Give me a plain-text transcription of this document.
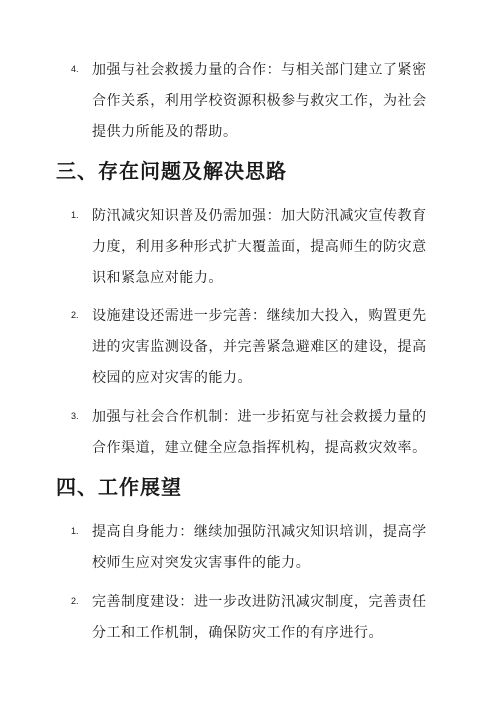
4. 加强与社会救援力量的合作：与相关部门建立了紧密合作关系，利用学校资源积极参与救灾工作，为社会提供力所能及的帮助。
三、存在问题及解决思路
1. 防汛减灾知识普及仍需加强：加大防汛减灾宣传教育力度，利用多种形式扩大覆盖面，提高师生的防灾意识和紧急应对能力。
2. 设施建设还需进一步完善：继续加大投入，购置更先进的灾害监测设备，并完善紧急避难区的建设，提高校园的应对灾害的能力。
3. 加强与社会合作机制：进一步拓宽与社会救援力量的合作渠道，建立健全应急指挥机构，提高救灾效率。
四、工作展望
1. 提高自身能力：继续加强防汛减灾知识培训，提高学校师生应对突发灾害事件的能力。
2. 完善制度建设：进一步改进防汛减灾制度，完善责任分工和工作机制，确保防灾工作的有序进行。
